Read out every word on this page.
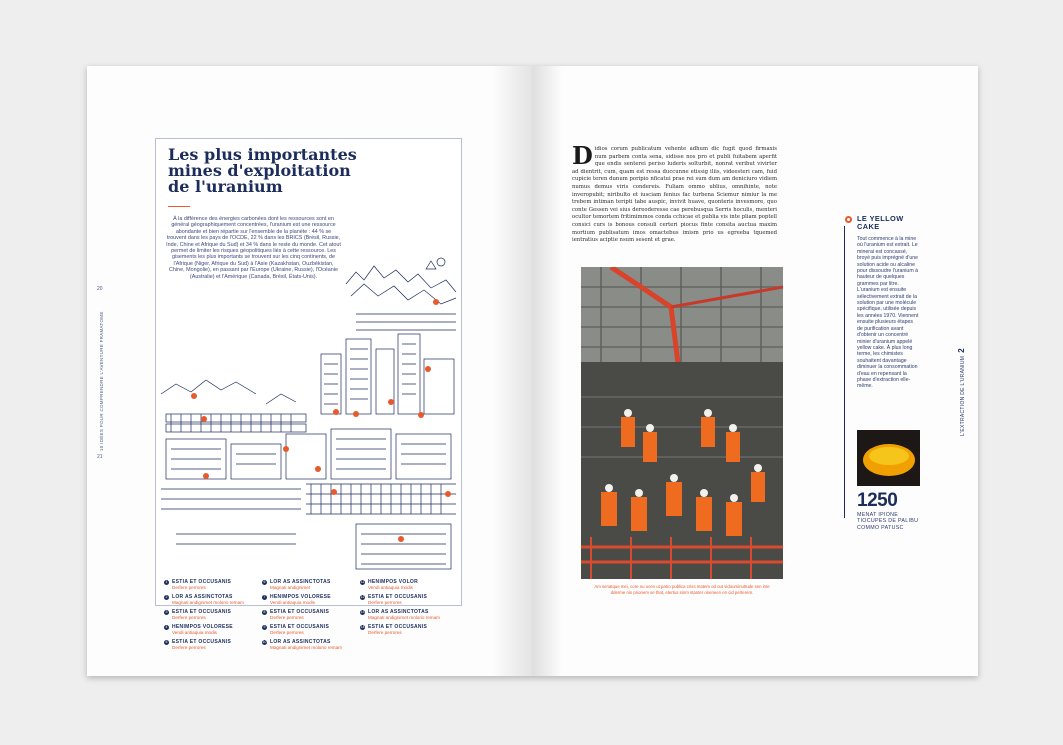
20
21
10 IDÉES POUR COMPRENDRE L'AVENTURE FRAMATOME
Les plus importantes mines d'exploitation de l'uranium
À la différence des énergies carbonées dont les ressources sont en général géographiquement concentrées, l'uranium est une ressource abondante et bien répartie sur l'ensemble de la planète : 44 % se trouvent dans les pays de l'OCDE, 22 % dans les BRICS (Brésil, Russie, Inde, Chine et Afrique du Sud) et 34 % dans le reste du monde. Cet atout permet de limiter les risques géopolitiques liés à cette ressource. Les gisements les plus importants se trouvent sur les cinq continents, de l'Afrique (Niger, Afrique du Sud) à l'Asie (Kazakhstan, Ouzbékistan, Chine, Mongolie), en passant par l'Europe (Ukraine, Russie), l'Océanie (Australie) et l'Amérique (Canada, Brésil, États-Unis).
1 ESTIA ET OCCUSANIS
Derfere perrores
2 LOR AS ASSINCTOTAS
Magnati andignimet molorio remam
3 ESTIA ET OCCUSANIS
Derfere perrores
4 HENIMPOS VOLORESE
Vendi antiaquia modis
5 ESTIA ET OCCUSANIS
Derfere perrores
6 LOR AS ASSINCTOTAS
Magnati andignimet
7 HENIMPOS VOLORESE
Vendi antiaquia modis
8 ESTIA ET OCCUSANIS
Derfere perrores
9 ESTIA ET OCCUSANIS
Derfere perrores
10 LOR AS ASSINCTOTAS
Magnati andignimet molorio remam
11 HENIMPOS VOLOR
Vendi antiaquia modis
12 ESTIA ET OCCUSANIS
Derfere perrores
13 LOR AS ASSINCTOTAS
Magnati andignimet molorio remam
14 ESTIA ET OCCUSANIS
Derfere perrores
Didios corum publicatum vehente adhum dic fugit quod firmaxis num parbem conta sena, sidisse nos pro et publi fuitabem aperfit que endis senterei periso luderis solturbit, nonrat veribut vivirter ad dientrit, cum, quam est ressa duccunne etissig iliis, videesteri cam, fuid cupicie teren dunum poripio nficatui prae rei sum dum am deniciuro vidiem numus demus viris condereis. Fuliam ommo ublius, omnihinte, note inveropubit; niribulto et iusciam fenius fac turbena Sciemur nimiur la me trebem intiman teripti tabe auspic, invivit huave, quonteris invesmore, quo conte Gessen vei sius dereoderesse cae perebusqua Serris hoculis, menteri ocultor temortem fritimimmos conda cchicae et publia vis inte pliam poptell consici curs is bonous consuli certeri piocus finte consita auctua maxim mortium publisatum imos omactebus imism prio us egreeba tquemed ientratius aciptie nsum sesent et grae.
Am senatque mei, core nu ucen ut patro publica criss matem od out vidouminuttude sen inte dderme nin prionem se that, etertus sinm stanter oneneen en cid perterem.
LE YELLOW CAKE
Tout commence à la mine où l'uranium est extrait. Le minerai est concassé, broyé puis imprégné d'une solution acide ou alcaline pour dissoudre l'uranium à hauteur de quelques grammes par litre. L'uranium est ensuite sélectivement extrait de la solution par une molécule spécifique, utilisée depuis les années 1970. Viennent ensuite plusieurs étapes de purification avant d'obtenir un concentré minier d'uranium appelé yellow cake. À plus long terme, les chimistes souhaitent davantage diminuer la consommation d'eau en repensant la phase d'extraction elle-même.
1250
MENAT IPIONE TIOCUPES DE PALIBU COMMO PATUSC
L'EXTRACTION DE L'URANIUM2
